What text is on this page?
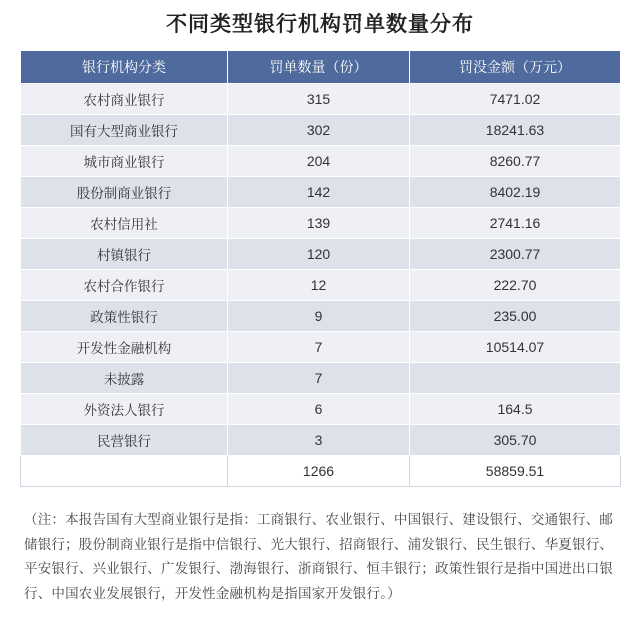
不同类型银行机构罚单数量分布
银行机构分类	罚单数量（份）	罚没金额（万元）
农村商业银行	315	7471.02
国有大型商业银行	302	18241.63
城市商业银行	204	8260.77
股份制商业银行	142	8402.19
农村信用社	139	2741.16
村镇银行	120	2300.77
农村合作银行	12	222.70
政策性银行	9	235.00
开发性金融机构	7	10514.07
未披露	7	
外资法人银行	6	164.5
民营银行	3	305.70
	1266	58859.51
（注：本报告国有大型商业银行是指：工商银行、农业银行、中国银行、建设银行、交通银行、邮储银行；股份制商业银行是指中信银行、光大银行、招商银行、浦发银行、民生银行、华夏银行、平安银行、兴业银行、广发银行、渤海银行、浙商银行、恒丰银行；政策性银行是指中国进出口银行、中国农业发展银行，开发性金融机构是指国家开发银行。）
